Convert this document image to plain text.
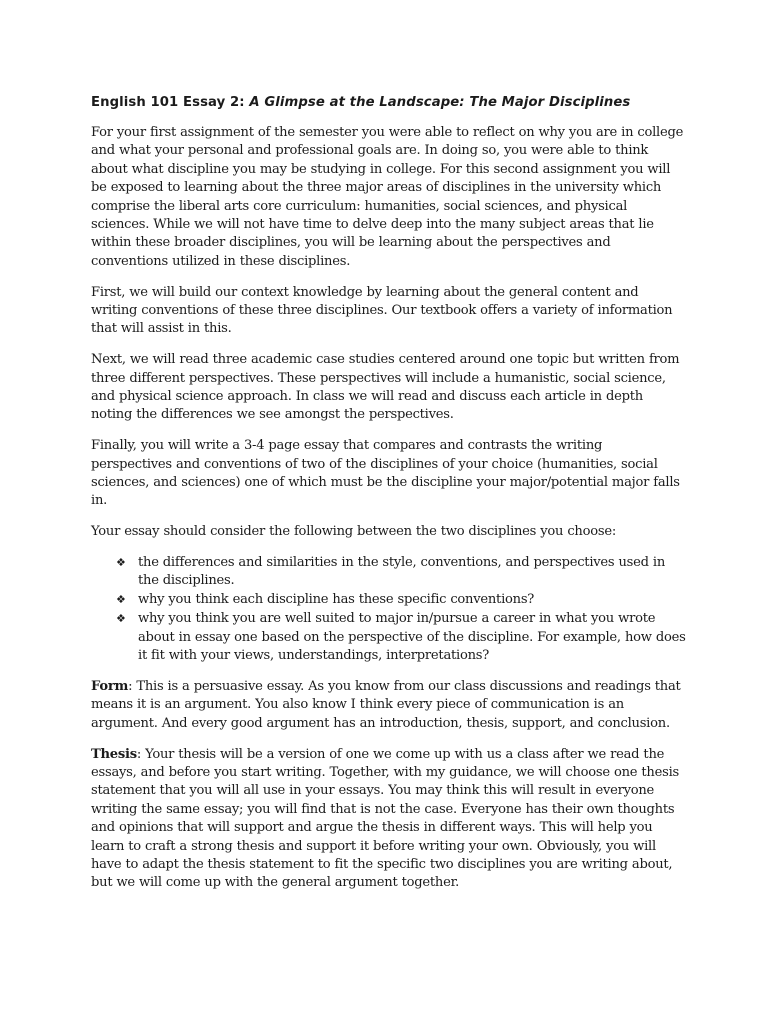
English 101 Essay 2: A Glimpse at the Landscape: The Major Disciplines

For your first assignment of the semester you were able to reflect on why you are in college and what your personal and professional goals are. In doing so, you were able to think about what discipline you may be studying in college. For this second assignment you will be exposed to learning about the three major areas of disciplines in the university which comprise the liberal arts core curriculum: humanities, social sciences, and physical sciences. While we will not have time to delve deep into the many subject areas that lie within these broader disciplines, you will be learning about the perspectives and conventions utilized in these disciplines.

First, we will build our context knowledge by learning about the general content and writing conventions of these three disciplines. Our textbook offers a variety of information that will assist in this.

Next, we will read three academic case studies centered around one topic but written from three different perspectives. These perspectives will include a humanistic, social science, and physical science approach. In class we will read and discuss each article in depth noting the differences we see amongst the perspectives.

Finally, you will write a 3-4 page essay that compares and contrasts the writing perspectives and conventions of two of the disciplines of your choice (humanities, social sciences, and sciences) one of which must be the discipline your major/potential major falls in.

Your essay should consider the following between the two disciplines you choose:

❖ the differences and similarities in the style, conventions, and perspectives used in the disciplines.
❖ why you think each discipline has these specific conventions?
❖ why you think you are well suited to major in/pursue a career in what you wrote about in essay one based on the perspective of the discipline. For example, how does it fit with your views, understandings, interpretations?

Form: This is a persuasive essay. As you know from our class discussions and readings that means it is an argument. You also know I think every piece of communication is an argument. And every good argument has an introduction, thesis, support, and conclusion.

Thesis: Your thesis will be a version of one we come up with us a class after we read the essays, and before you start writing. Together, with my guidance, we will choose one thesis statement that you will all use in your essays. You may think this will result in everyone writing the same essay; you will find that is not the case. Everyone has their own thoughts and opinions that will support and argue the thesis in different ways. This will help you learn to craft a strong thesis and support it before writing your own. Obviously, you will have to adapt the thesis statement to fit the specific two disciplines you are writing about, but we will come up with the general argument together.
